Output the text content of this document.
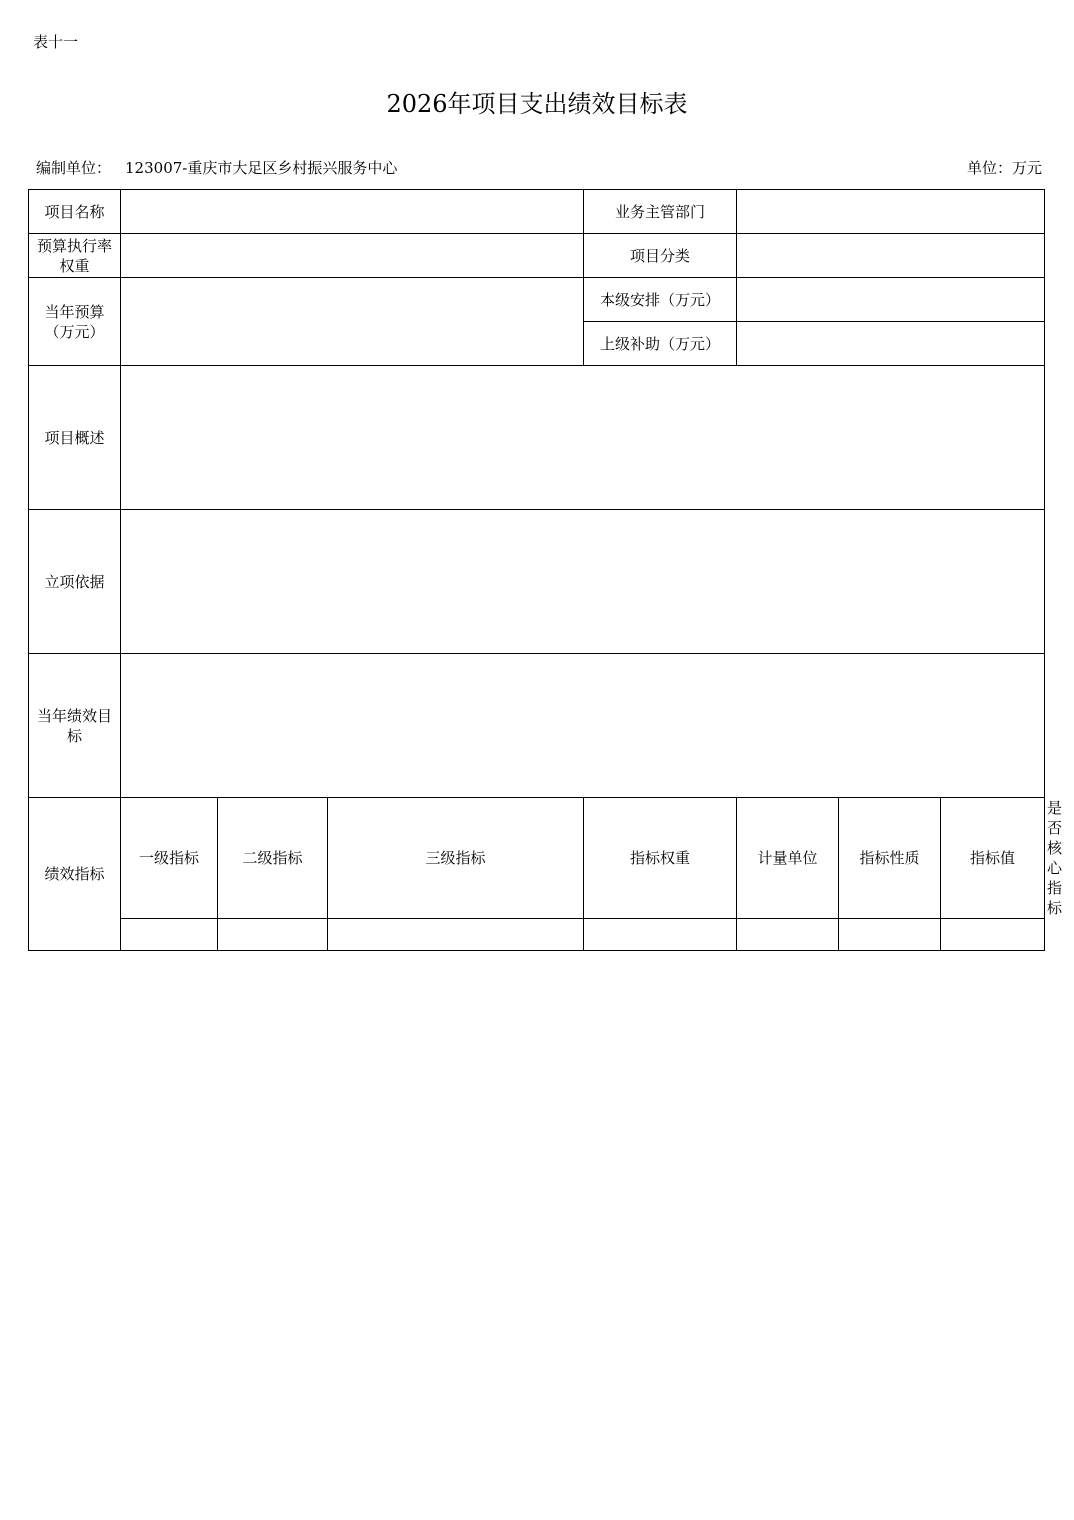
表十一
2026年项目支出绩效目标表
编制单位： 123007-重庆市大足区乡村振兴服务中心	单位：万元
项目名称				业务主管部门				
预算执行率权重				项目分类				
当年预算（万元）				本级安排（万元）				
				上级补助（万元）				
项目概述								
立项依据								
当年绩效目标								
绩效指标	一级指标	二级指标	三级指标	指标权重	计量单位	指标性质	指标值	是否核心指标
